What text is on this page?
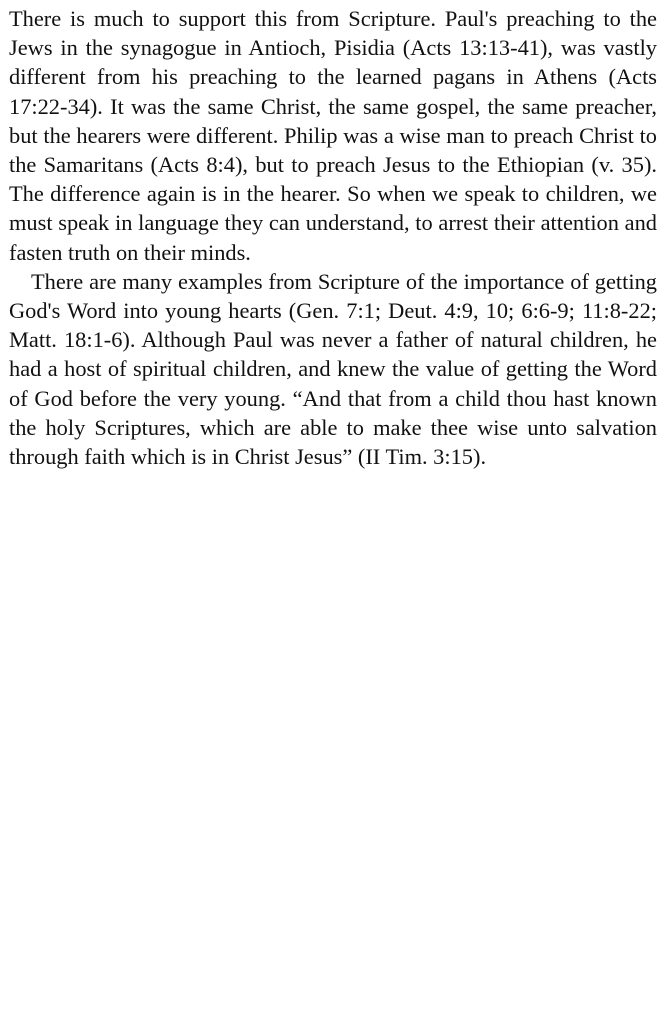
There is much to support this from Scripture. Paul's preaching to the Jews in the synagogue in Antioch, Pisidia (Acts 13:13-41), was vastly different from his preaching to the learned pagans in Athens (Acts 17:22-34). It was the same Christ, the same gospel, the same preacher, but the hearers were different. Philip was a wise man to preach Christ to the Samaritans (Acts 8:4), but to preach Jesus to the Ethiopian (v. 35). The difference again is in the hearer. So when we speak to children, we must speak in language they can understand, to arrest their attention and fasten truth on their minds.

There are many examples from Scripture of the importance of getting God's Word into young hearts (Gen. 7:1; Deut. 4:9, 10; 6:6-9; 11:8-22; Matt. 18:1-6). Although Paul was never a father of natural children, he had a host of spiritual children, and knew the value of getting the Word of God before the very young. “And that from a child thou hast known the holy Scriptures, which are able to make thee wise unto salvation through faith which is in Christ Jesus” (II Tim. 3:15).
